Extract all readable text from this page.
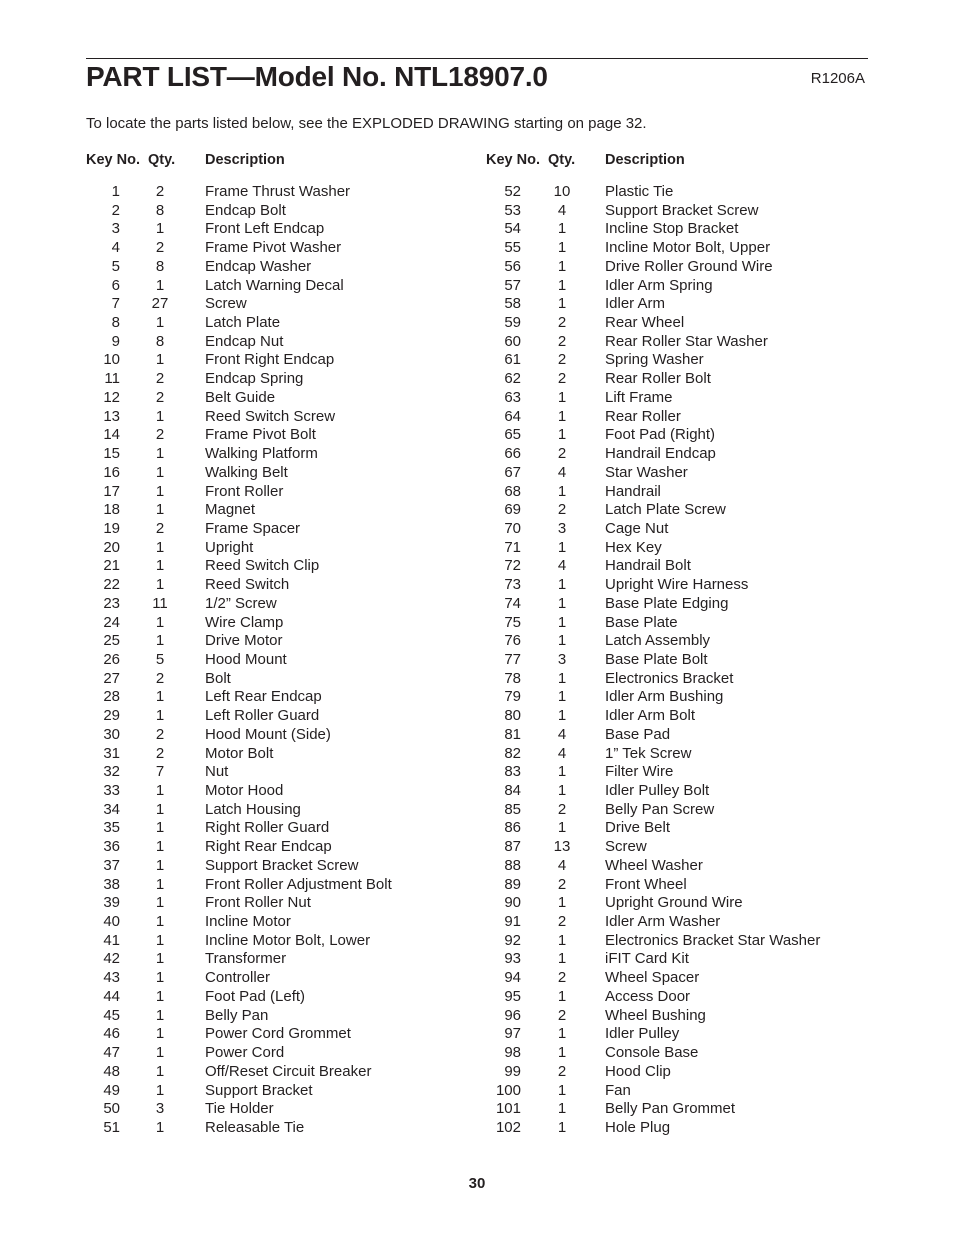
PART LIST—Model No. NTL18907.0	R1206A
To locate the parts listed below, see the EXPLODED DRAWING starting on page 32.
Key No. Qty. Description
1	2	Frame Thrust Washer
2	8	Endcap Bolt
3	1	Front Left Endcap
4	2	Frame Pivot Washer
5	8	Endcap Washer
6	1	Latch Warning Decal
7	27	Screw
8	1	Latch Plate
9	8	Endcap Nut
10	1	Front Right Endcap
11	2	Endcap Spring
12	2	Belt Guide
13	1	Reed Switch Screw
14	2	Frame Pivot Bolt
15	1	Walking Platform
16	1	Walking Belt
17	1	Front Roller
18	1	Magnet
19	2	Frame Spacer
20	1	Upright
21	1	Reed Switch Clip
22	1	Reed Switch
23	11	1/2” Screw
24	1	Wire Clamp
25	1	Drive Motor
26	5	Hood Mount
27	2	Bolt
28	1	Left Rear Endcap
29	1	Left Roller Guard
30	2	Hood Mount (Side)
31	2	Motor Bolt
32	7	Nut
33	1	Motor Hood
34	1	Latch Housing
35	1	Right Roller Guard
36	1	Right Rear Endcap
37	1	Support Bracket Screw
38	1	Front Roller Adjustment Bolt
39	1	Front Roller Nut
40	1	Incline Motor
41	1	Incline Motor Bolt, Lower
42	1	Transformer
43	1	Controller
44	1	Foot Pad (Left)
45	1	Belly Pan
46	1	Power Cord Grommet
47	1	Power Cord
48	1	Off/Reset Circuit Breaker
49	1	Support Bracket
50	3	Tie Holder
51	1	Releasable Tie
Key No. Qty. Description
52	10	Plastic Tie
53	4	Support Bracket Screw
54	1	Incline Stop Bracket
55	1	Incline Motor Bolt, Upper
56	1	Drive Roller Ground Wire
57	1	Idler Arm Spring
58	1	Idler Arm
59	2	Rear Wheel
60	2	Rear Roller Star Washer
61	2	Spring Washer
62	2	Rear Roller Bolt
63	1	Lift Frame
64	1	Rear Roller
65	1	Foot Pad (Right)
66	2	Handrail Endcap
67	4	Star Washer
68	1	Handrail
69	2	Latch Plate Screw
70	3	Cage Nut
71	1	Hex Key
72	4	Handrail Bolt
73	1	Upright Wire Harness
74	1	Base Plate Edging
75	1	Base Plate
76	1	Latch Assembly
77	3	Base Plate Bolt
78	1	Electronics Bracket
79	1	Idler Arm Bushing
80	1	Idler Arm Bolt
81	4	Base Pad
82	4	1” Tek Screw
83	1	Filter Wire
84	1	Idler Pulley Bolt
85	2	Belly Pan Screw
86	1	Drive Belt
87	13	Screw
88	4	Wheel Washer
89	2	Front Wheel
90	1	Upright Ground Wire
91	2	Idler Arm Washer
92	1	Electronics Bracket Star Washer
93	1	iFIT Card Kit
94	2	Wheel Spacer
95	1	Access Door
96	2	Wheel Bushing
97	1	Idler Pulley
98	1	Console Base
99	2	Hood Clip
100	1	Fan
101	1	Belly Pan Grommet
102	1	Hole Plug
30
